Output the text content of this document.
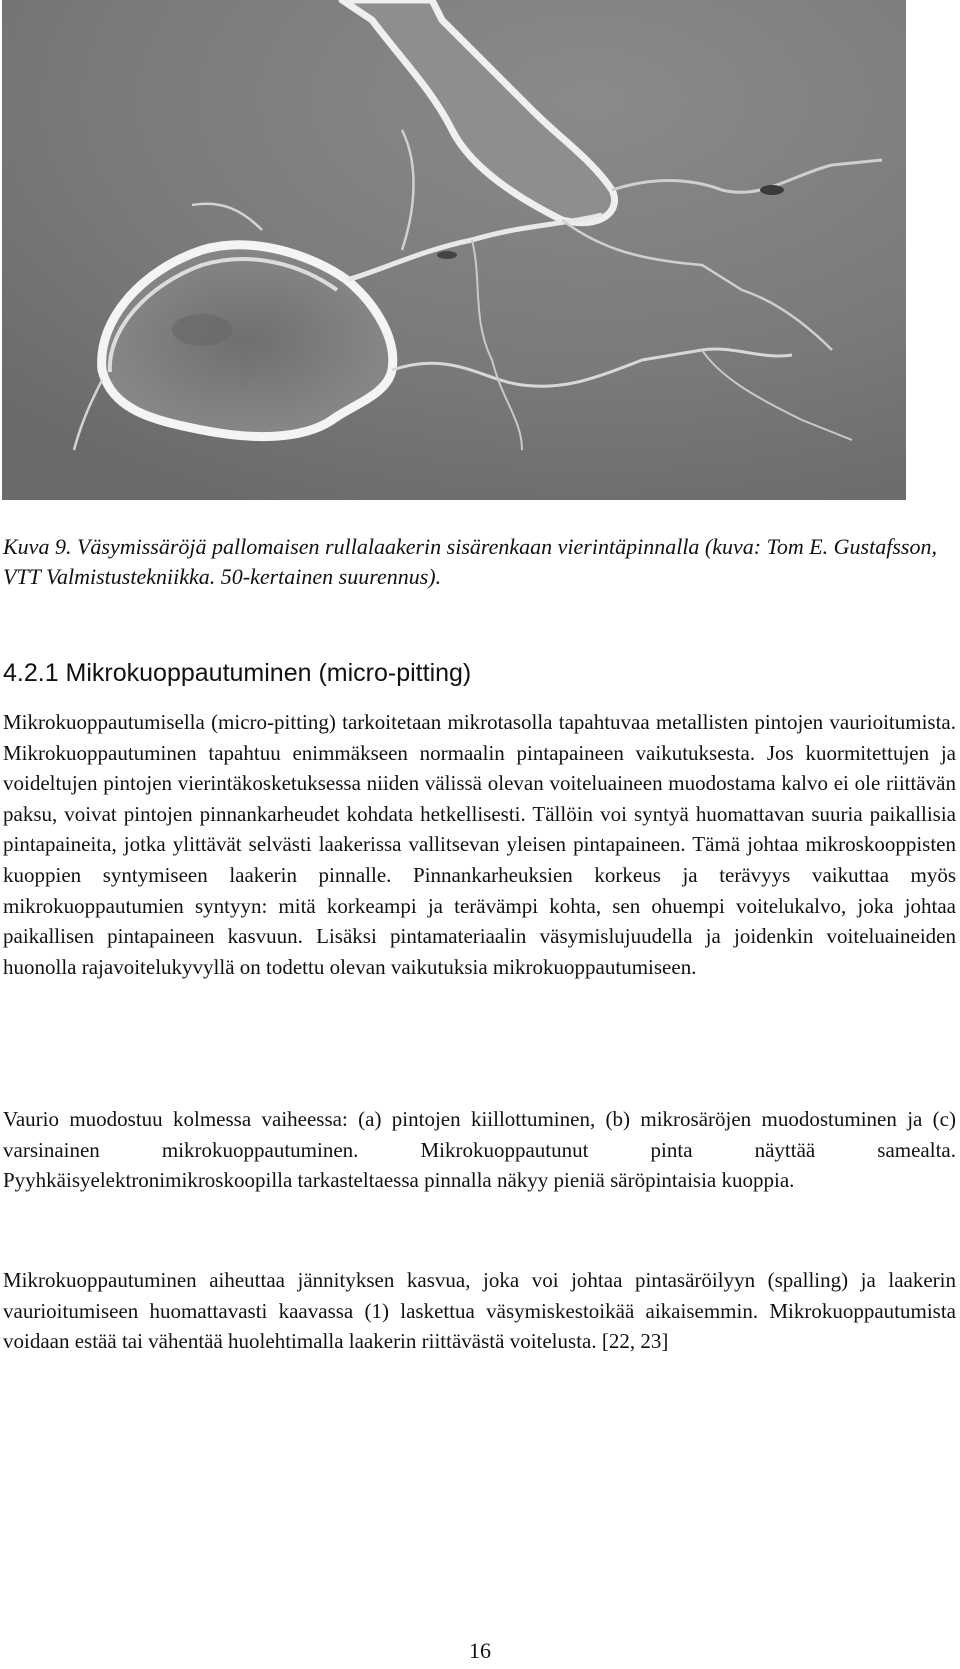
Kuva 9. Väsymissäröjä pallomaisen rullalaakerin sisärenkaan vierintäpinnalla (kuva: Tom E. Gustafsson, VTT Valmistustekniikka. 50-kertainen suurennus).
4.2.1 Mikrokuoppautuminen (micro-pitting)

Mikrokuoppautumisella (micro-pitting) tarkoitetaan mikrotasolla tapahtuvaa metallisten pintojen vaurioitumista. Mikrokuoppautuminen tapahtuu enimmäkseen normaalin pintapaineen vaikutuksesta. Jos kuormitettujen ja voideltujen pintojen vierintäkosketuksessa niiden välissä olevan voiteluaineen muodostama kalvo ei ole riittävän paksu, voivat pintojen pinnankarheudet kohdata hetkellisesti. Tällöin voi syntyä huomattavan suuria paikallisia pintapaineita, jotka ylittävät selvästi laakerissa vallitsevan yleisen pintapaineen. Tämä johtaa mikroskooppisten kuoppien syntymiseen laakerin pinnalle. Pinnankarheuksien korkeus ja terävyys vaikuttaa myös mikrokuoppautumien syntyyn: mitä korkeampi ja terävämpi kohta, sen ohuempi voitelukalvo, joka johtaa paikallisen pintapaineen kasvuun. Lisäksi pintamateriaalin väsymislujuudella ja joidenkin voiteluaineiden huonolla rajavoitelukyvyllä on todettu olevan vaikutuksia mikrokuoppautumiseen.

Vaurio muodostuu kolmessa vaiheessa: (a) pintojen kiillottuminen, (b) mikrosäröjen muodostuminen ja (c) varsinainen mikrokuoppautuminen. Mikrokuoppautunut pinta näyttää samealta. Pyyhkäisyelektronimikroskoopilla tarkasteltaessa pinnalla näkyy pieniä säröpintaisia kuoppia.

Mikrokuoppautuminen aiheuttaa jännityksen kasvua, joka voi johtaa pintasäröilyyn (spalling) ja laakerin vaurioitumiseen huomattavasti kaavassa (1) laskettua väsymiskestoikää aikaisemmin. Mikrokuoppautumista voidaan estää tai vähentää huolehtimalla laakerin riittävästä voitelusta. [22, 23]

16
